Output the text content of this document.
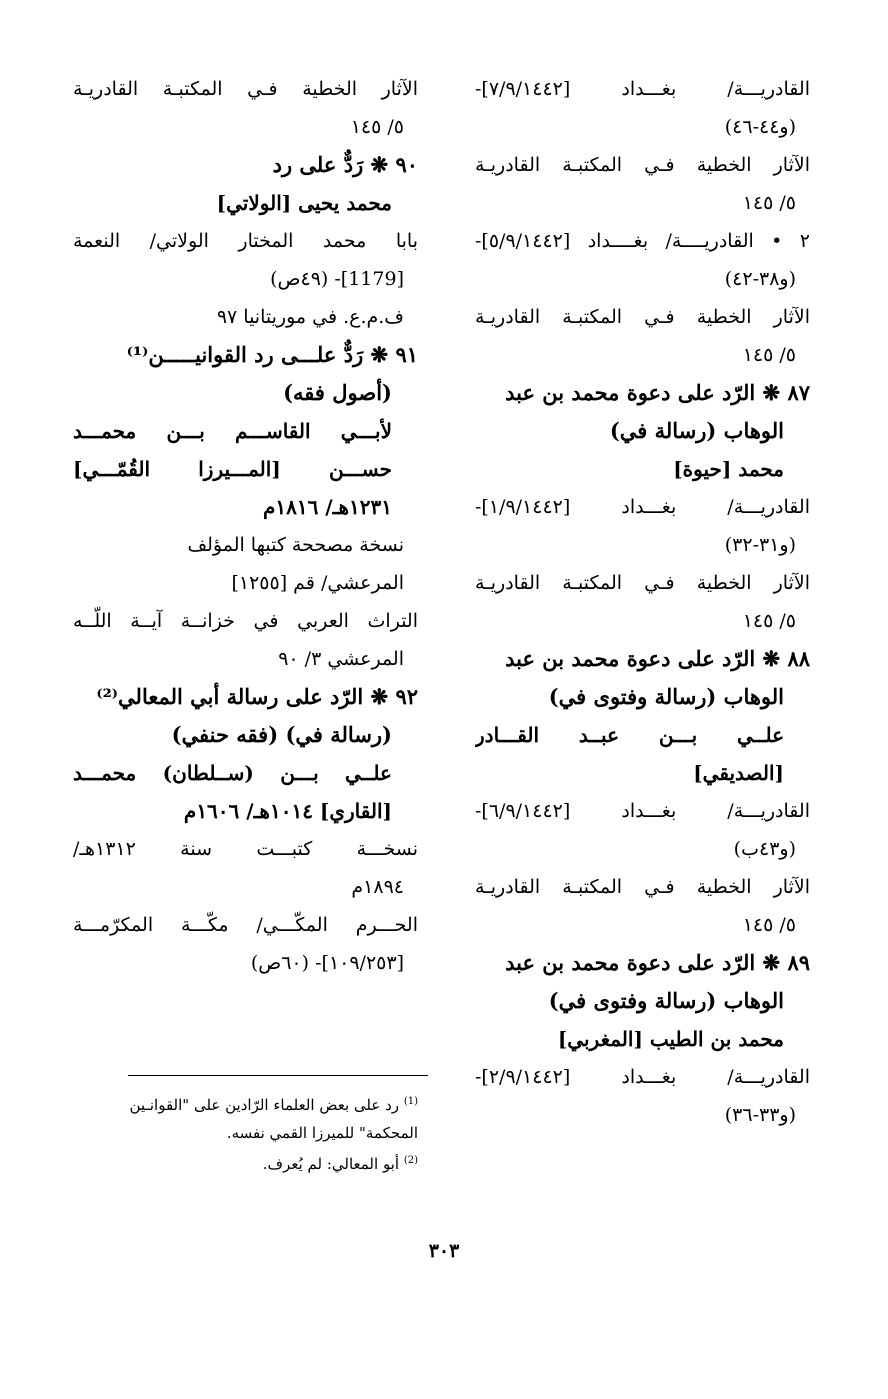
القادريـــة/ بغـــداد [٧/٩/١٤٤٢]-
(و٤٤-٤٦)
الآثار الخطية فـي المكتبـة القادريـة
٥/ ١٤٥
٢ • القادريــــة/ بغــــداد [٥/٩/١٤٤٢]-
(و٣٨-٤٢)
الآثار الخطية فـي المكتبـة القادريـة
٥/ ١٤٥
٨٧ ❋ الرّد على دعوة محمد بن عبد
الوهاب (رسالة في)
محمد [حيوة]
القادريـــة/ بغـــداد [١/٩/١٤٤٢]-
(و٣١-٣٢)
الآثار الخطية فـي المكتبـة القادريـة
٥/ ١٤٥
٨٨ ❋ الرّد على دعوة محمد بن عبد
الوهاب (رسالة وفتوى في)
علــي بـــن عبــد القـــادر
[الصديقي]
القادريـــة/ بغـــداد [٦/٩/١٤٤٢]-
(و٤٣ب)
الآثار الخطية فـي المكتبـة القادريـة
٥/ ١٤٥
٨٩ ❋ الرّد على دعوة محمد بن عبد
الوهاب (رسالة وفتوى في)
محمد بن الطيب [المغربي]
القادريـــة/ بغـــداد [٢/٩/١٤٤٢]-
(و٣٣-٣٦)
الآثار الخطية فـي المكتبـة القادريـة
٥/ ١٤٥
٩٠ ❋ رَدٌّ على رد
محمد يحيى [الولاتي]
بابا محمد المختار الولاتي/ النعمة
[1179]- (٤٩ص)
ف.م.ع. في موريتانيا ٩٧
٩١ ❋ رَدٌّ علـــى رد القوانيـــــن⁽¹⁾
(أصول فقه)
لأبـــي القاســـم بـــن محمـــد
حســـن [المـــيرزا القُمّـــي]
١٢٣١هـ/ ١٨١٦م
نسخة مصححة كتبها المؤلف
المرعشي/ قم [١٢٥٥]
التراث العربي في خزانــة آيــة اللّــه
المرعشي ٣/ ٩٠
٩٢ ❋ الرّد على رسالة أبي المعالي⁽²⁾
(رسالة في) (فقه حنفي)
علــي بـــن (ســلطان) محمـــد
[القاري] ١٠١٤هـ/ ١٦٠٦م
نسخـــة كتبـــت سنة ١٣١٢هـ/
١٨٩٤م
الحـــرم المكّـــي/ مكّـــة المكرّمـــة
[١٠٩/٢٥٣]- (٦٠ص)
$^{(1)}$ رد على بعض العلماء الرّادين على "القوانـين
المحكمة" للميرزا القمي نفسه.
$^{(2)}$ أبو المعالي: لم يُعرف.
٣٠٣
